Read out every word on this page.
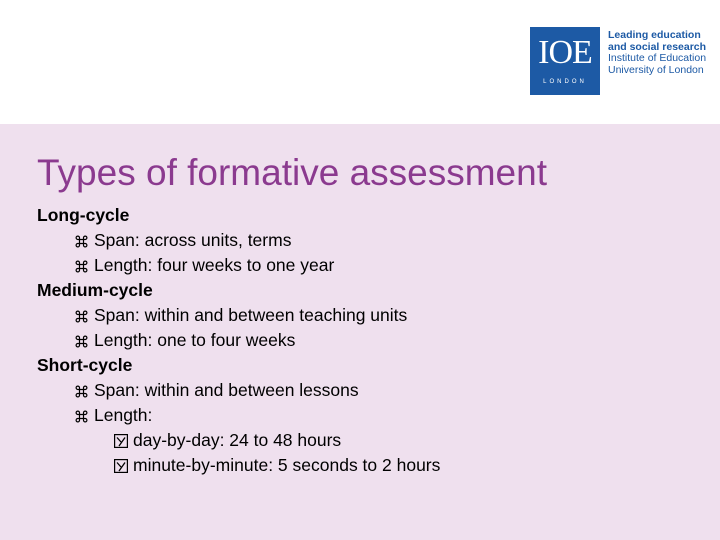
IOE
LONDON
Leading education
and social research
Institute of Education
University of London
Types of formative assessment
Long-cycle
Span: across units, terms
Length: four weeks to one year
Medium-cycle
Span: within and between teaching units
Length: one to four weeks
Short-cycle
Span: within and between lessons
Length:
day-by-day: 24 to 48 hours
minute-by-minute: 5 seconds to 2 hours
